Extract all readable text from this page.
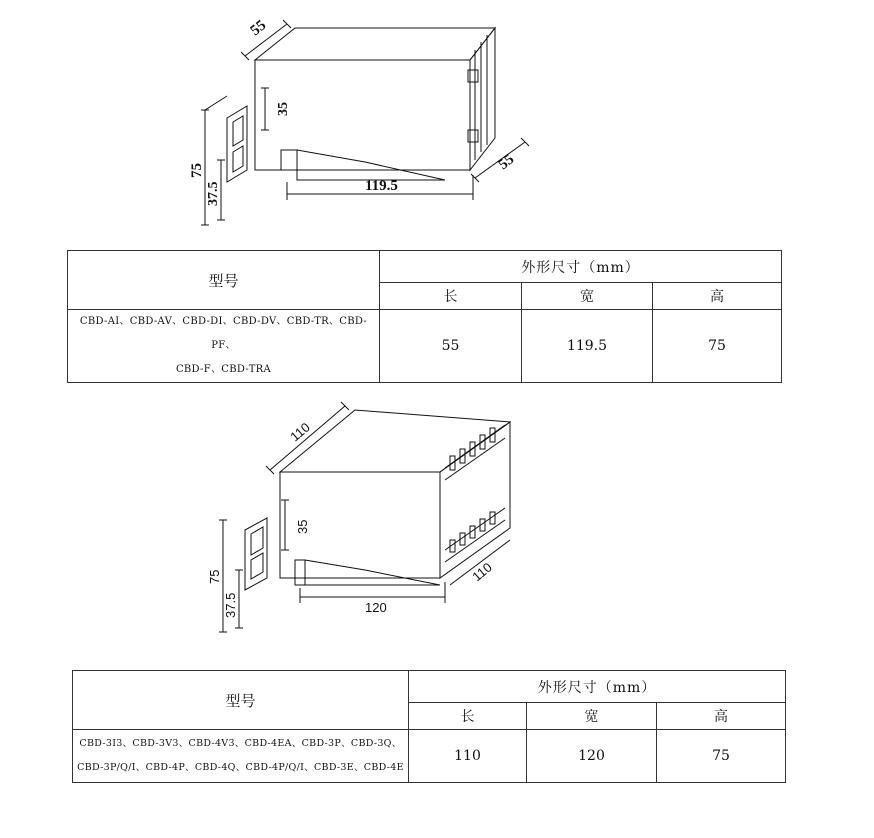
55
35
75
37.5	119.5
55
型号	外形尺寸（mm）		
	长	宽	高

CBD-AI、CBD-AV、CBD-DI、CBD-DV、CBD-TR、CBD-PF、
CBD-F、CBD-TRA	55	119.5	75
110
35
75
37.5	120
110
型号	外形尺寸（mm）		
	长	宽	高

CBD-3I3、CBD-3V3、CBD-4V3、CBD-4EA、CBD-3P、CBD-3Q、
CBD-3P/Q/I、CBD-4P、CBD-4Q、CBD-4P/Q/I、CBD-3E、CBD-4E	110	120	75
